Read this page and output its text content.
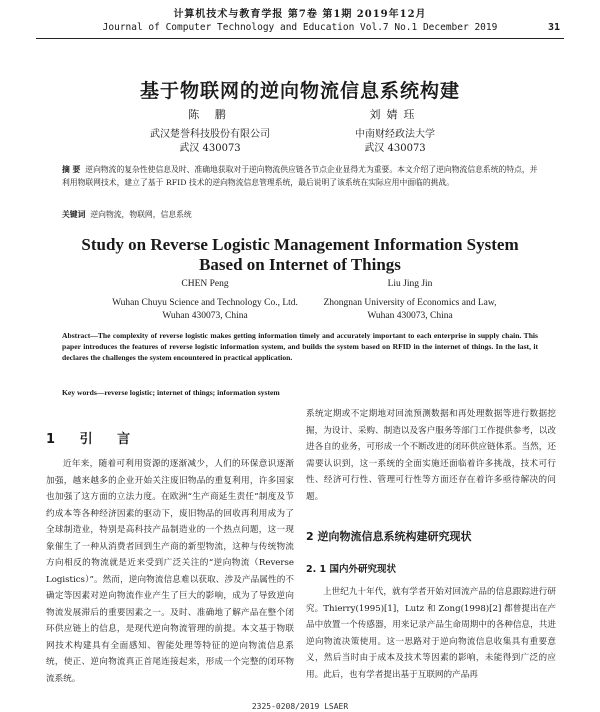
计算机技术与教育学报 第7卷 第1期 2019年12月
Journal of Computer Technology and Education Vol.7 No.1 December 2019	31
基于物联网的逆向物流信息系统构建
陈 鹏
武汉楚誉科技股份有限公司
武汉 430073
刘婧珏
中南财经政法大学
武汉 430073
摘 要 逆向物流的复杂性使信息及时、准确地获取对于逆向物流供应链各节点企业显得尤为重要。本文介绍了逆向物流信息系统的特点，并利用物联网技术，建立了基于 RFID 技术的逆向物流信息管理系统，最后说明了该系统在实际应用中面临的挑战。
关键词 逆向物流，物联网，信息系统
Study on Reverse Logistic Management Information System
Based on Internet of Things
CHEN Peng
Wuhan Chuyu Science and Technology Co., Ltd.
Wuhan 430073, China
Liu Jing Jin
Zhongnan University of Economics and Law,
Wuhan 430073, China
Abstract—The complexity of reverse logistic makes getting information timely and accurately important to each enterprise in supply chain. This paper introduces the features of reverse logistic information system, and builds the system based on RFID in the internet of things. In the last, it declares the challenges the system encountered in practical application.
Key words—reverse logistic; internet of things; information system
1 引 言

近年来，随着可利用资源的逐渐减少，人们的环保意识逐渐加强，越来越多的企业开始关注废旧物品的重复利用，许多国家也加强了这方面的立法力度。在欧洲“生产商延生责任”制度及节约成本等各种经济因素的驱动下，废旧物品的回收再利用成为了全球制造业，特别是高科技产品制造业的一个热点问题，这一现象催生了一种从消费者回到生产商的新型物流，这种与传统物流方向相反的物流就是近来受到广泛关注的“逆向物流（Reverse Logistics）”。然而，逆向物流信息难以获取、涉及产品属性的不确定等因素对逆向物流作业产生了巨大的影响，成为了导致逆向物流发展滞后的重要因素之一。及时、准确地了解产品在整个闭环供应链上的信息，是现代逆向物流管理的前提。本文基于物联网技术构建具有全面感知、智能处理等特征的逆向物流信息系统，使正、逆向物流真正首尾连接起来，形成一个完整的闭环物流系统。

系统定期或不定期地对回流预测数据和再处理数据等进行数据挖掘，为设计、采购、制造以及客户服务等部门工作提供参考，以改进各自的业务，可形成一个不断改进的闭环供应链体系。当然，还需要认识到，这一系统的全面实施还面临着许多挑战，技术可行性、经济可行性、管理可行性等方面还存在着许多亟待解决的问题。

2 逆向物流信息系统构建研究现状
2. 1 国内外研究现状

上世纪九十年代，就有学者开始对回流产品的信息跟踪进行研究。Thierry(1995)[1]，Lutz 和 Zong(1998)[2] 都曾提出在产品中放置一个传感器，用来记录产品生命周期中的各种信息，共进逆向物流决策使用。这一思路对于逆向物流信息收集具有重要意义，然后当时由于成本及技术等因素的影响，未能得到广泛的应用。此后，也有学者提出基于互联网的产品再

2325-0208/2019 LSAER
